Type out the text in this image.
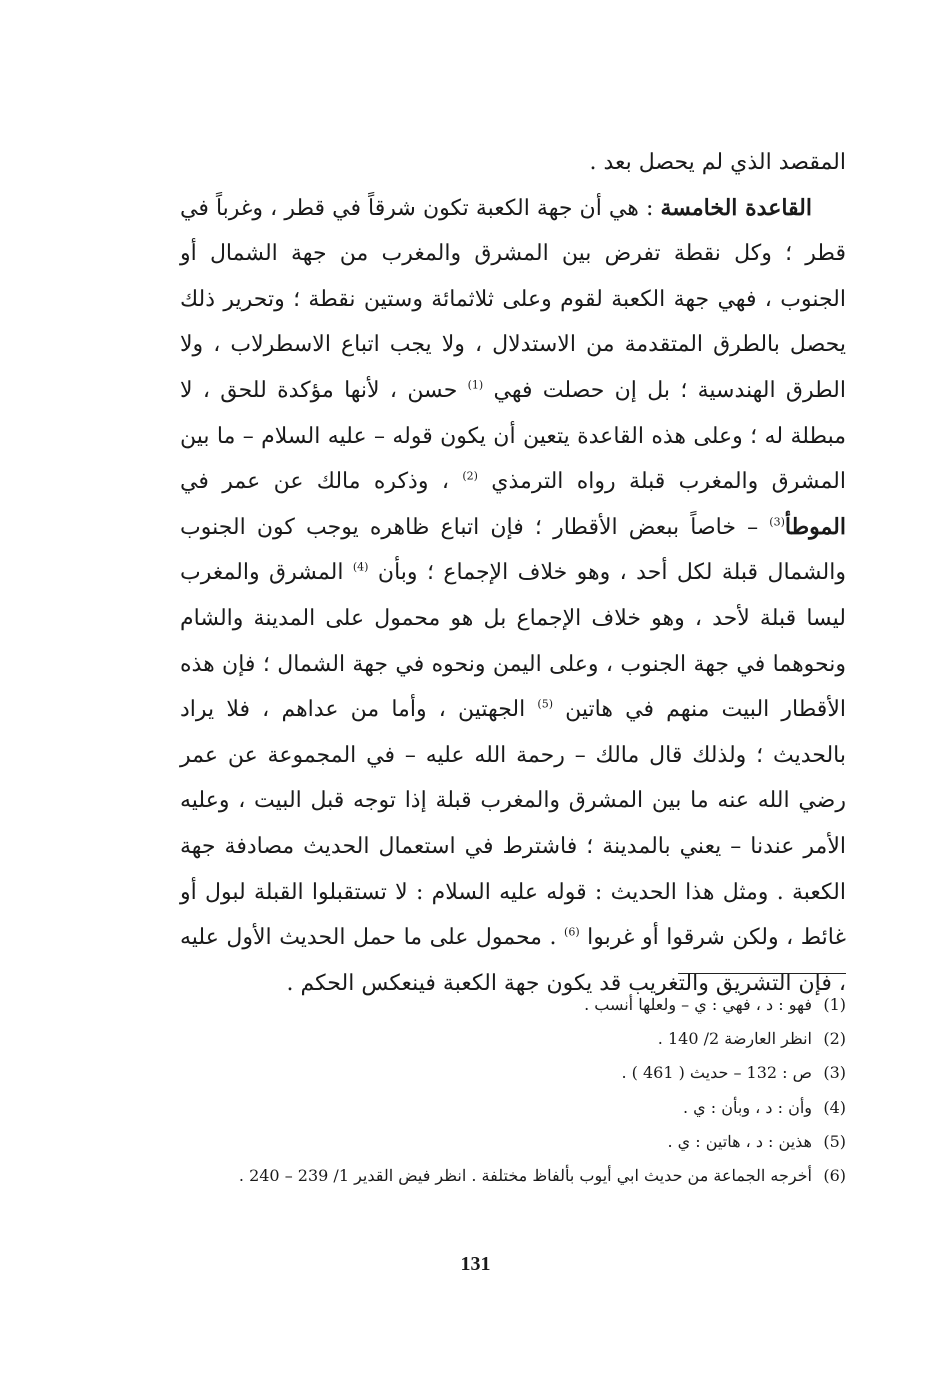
المقصد الذي لم يحصل بعد .

القاعدة الخامسة : هي أن جهة الكعبة تكون شرقاً في قطر ، وغرباً في قطر ؛ وكل نقطة تفرض بين المشرق والمغرب من جهة الشمال أو الجنوب ، فهي جهة الكعبة لقوم وعلى ثلاثمائة وستين نقطة ؛ وتحرير ذلك يحصل بالطرق المتقدمة من الاستدلال ، ولا يجب اتباع الاسطرلاب ، ولا الطرق الهندسية ؛ بل إن حصلت فهي $^{(1)}$ حسن ، لأنها مؤكدة للحق ، لا مبطلة له ؛ وعلى هذه القاعدة يتعين أن يكون قوله – عليه السلام – ما بين المشرق والمغرب قبلة رواه الترمذي $^{(2)}$ ، وذكره مالك عن عمر في الموطأ$^{(3)}$ – خاصاً ببعض الأقطار ؛ فإن اتباع ظاهره يوجب كون الجنوب والشمال قبلة لكل أحد ، وهو خلاف الإجماع ؛ وبأن $^{(4)}$ المشرق والمغرب ليسا قبلة لأحد ، وهو خلاف الإجماع بل هو محمول على المدينة والشام ونحوهما في جهة الجنوب ، وعلى اليمن ونحوه في جهة الشمال ؛ فإن هذه الأقطار البيت منهم في هاتين $^{(5)}$ الجهتين ، وأما من عداهم ، فلا يراد بالحديث ؛ ولذلك قال مالك – رحمة الله عليه – في المجموعة عن عمر رضي الله عنه ما بين المشرق والمغرب قبلة إذا توجه قبل البيت ، وعليه الأمر عندنا – يعني بالمدينة ؛ فاشترط في استعمال الحديث مصادفة جهة الكعبة . ومثل هذا الحديث : قوله عليه السلام : لا تستقبلوا القبلة لبول أو غائط ، ولكن شرقوا أو غربوا $^{(6)}$ . محمول على ما حمل الحديث الأول عليه ، فإن التشريق والتغريب قد يكون جهة الكعبة فينعكس الحكم .

(1)
فهو : د ، فهي : ي – ولعلها أنسب .
(2)
انظر العارضة 2/ 140 .
(3)
ص : 132 – حديث ( 461 ) .
(4)
وأن : د ، وبأن : ي .
(5)
هذين : د ، هاتين : ي .
(6)
أخرجه الجماعة من حديث ابي أيوب بألفاظ مختلفة . انظر فيض القدير 1/ 239 – 240 .
131
